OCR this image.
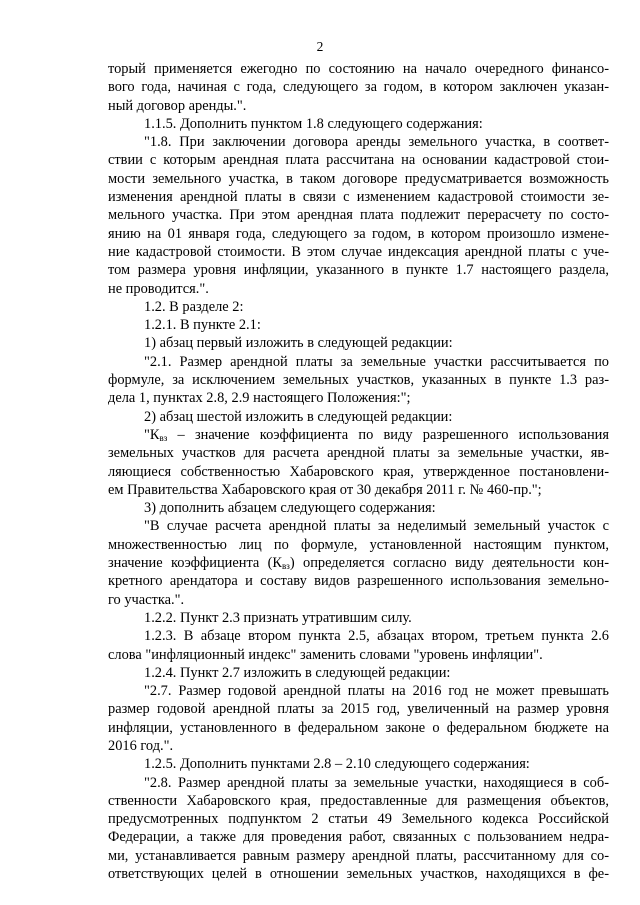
2
торый применяется ежегодно по состоянию на начало очередного финансо-
вого года, начиная с года, следующего за годом, в котором заключен указан-
ный договор аренды.".
1.1.5. Дополнить пунктом 1.8 следующего содержания:
"1.8. При заключении договора аренды земельного участка, в соответ-
ствии с которым арендная плата рассчитана на основании кадастровой стои-
мости земельного участка, в таком договоре предусматривается возможность
изменения арендной платы в связи с изменением кадастровой стоимости зе-
мельного участка. При этом арендная плата подлежит перерасчету по состо-
янию на 01 января года, следующего за годом, в котором произошло измене-
ние кадастровой стоимости. В этом случае индексация арендной платы с уче-
том размера уровня инфляции, указанного в пункте 1.7 настоящего раздела,
не проводится.".
1.2. В разделе 2:
1.2.1. В пункте 2.1:
1) абзац первый изложить в следующей редакции:
"2.1. Размер арендной платы за земельные участки рассчитывается по
формуле, за исключением земельных участков, указанных в пункте 1.3 раз-
дела 1, пунктах 2.8, 2.9 настоящего Положения:";
2) абзац шестой изложить в следующей редакции:
"$К_{вз}$ – значение коэффициента по виду разрешенного использования
земельных участков для расчета арендной платы за земельные участки, яв-
ляющиеся собственностью Хабаровского края, утвержденное постановлени-
ем Правительства Хабаровского края от 30 декабря 2011 г. № 460-пр.";
3) дополнить абзацем следующего содержания:
"В случае расчета арендной платы за неделимый земельный участок с
множественностью лиц по формуле, установленной настоящим пунктом,
значение коэффициента $(К_{вз})$ определяется согласно виду деятельности кон-
кретного арендатора и составу видов разрешенного использования земельно-
го участка.".
1.2.2. Пункт 2.3 признать утратившим силу.
1.2.3. В абзаце втором пункта 2.5, абзацах втором, третьем пункта 2.6
слова "инфляционный индекс" заменить словами "уровень инфляции".
1.2.4. Пункт 2.7 изложить в следующей редакции:
"2.7. Размер годовой арендной платы на 2016 год не может превышать
размер годовой арендной платы за 2015 год, увеличенный на размер уровня
инфляции, установленного в федеральном законе о федеральном бюджете на
2016 год.".
1.2.5. Дополнить пунктами 2.8 – 2.10 следующего содержания:
"2.8. Размер арендной платы за земельные участки, находящиеся в соб-
ственности Хабаровского края, предоставленные для размещения объектов,
предусмотренных подпунктом 2 статьи 49 Земельного кодекса Российской
Федерации, а также для проведения работ, связанных с пользованием недра-
ми, устанавливается равным размеру арендной платы, рассчитанному для со-
ответствующих целей в отношении земельных участков, находящихся в фе-
